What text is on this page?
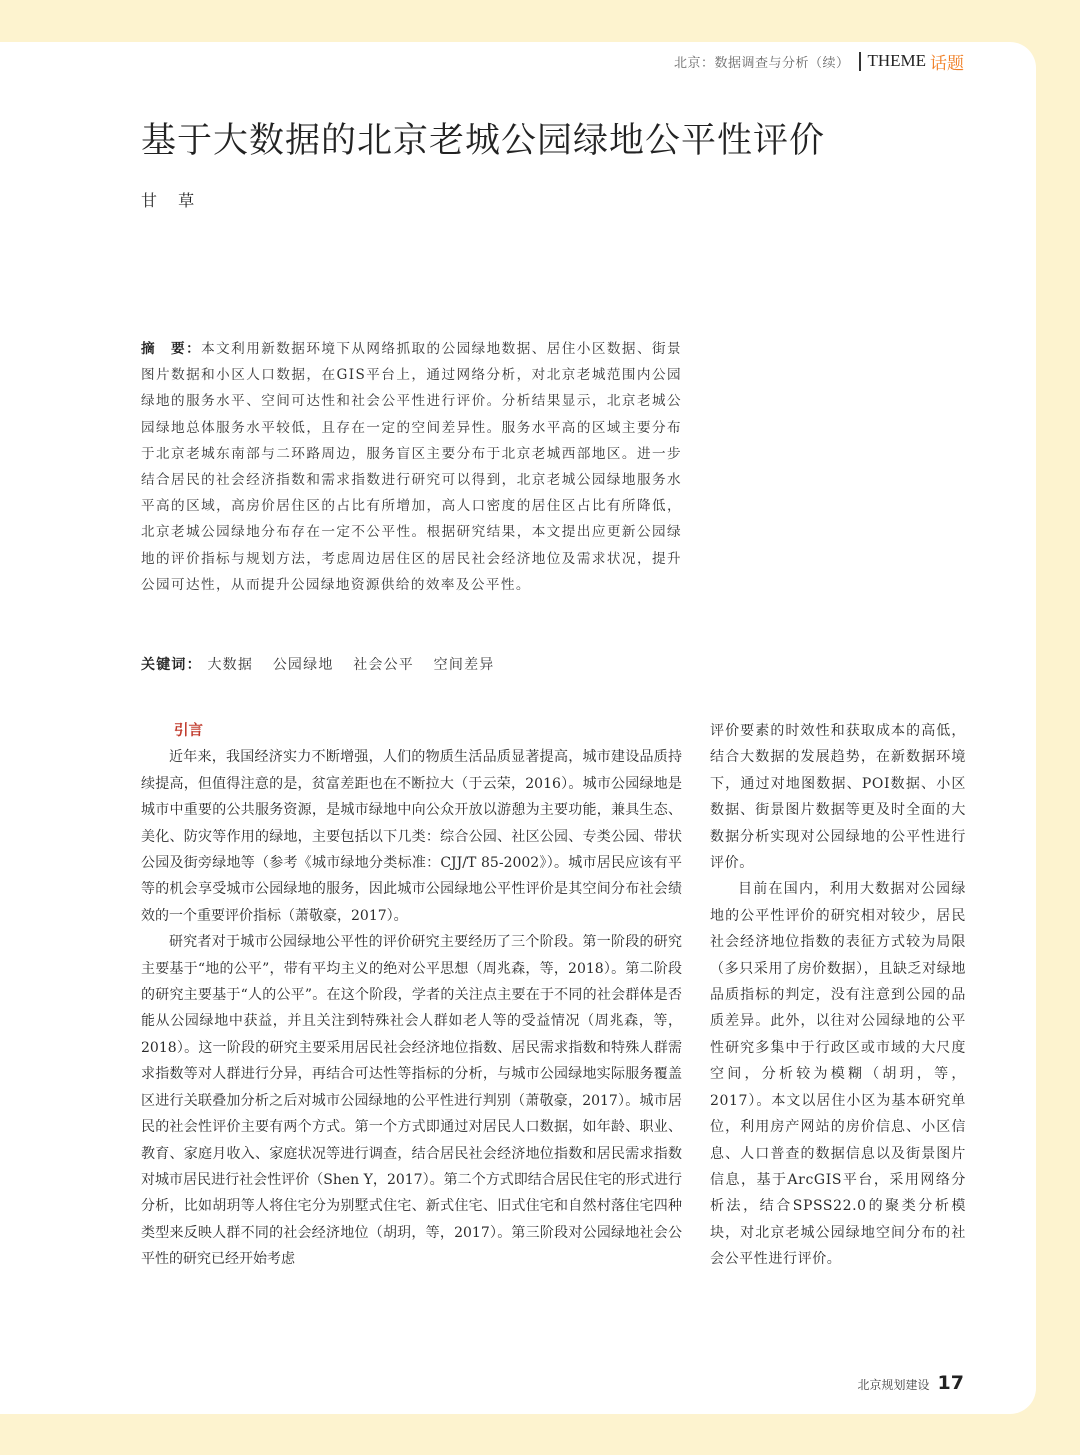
北京：数据调查与分析（续） THEME 话题
基于大数据的北京老城公园绿地公平性评价
甘 草
摘　要：本文利用新数据环境下从网络抓取的公园绿地数据、居住小区数据、街景图片数据和小区人口数据，在GIS平台上，通过网络分析，对北京老城范围内公园绿地的服务水平、空间可达性和社会公平性进行评价。分析结果显示，北京老城公园绿地总体服务水平较低，且存在一定的空间差异性。服务水平高的区域主要分布于北京老城东南部与二环路周边，服务盲区主要分布于北京老城西部地区。进一步结合居民的社会经济指数和需求指数进行研究可以得到，北京老城公园绿地服务水平高的区域，高房价居住区的占比有所增加，高人口密度的居住区占比有所降低，北京老城公园绿地分布存在一定不公平性。根据研究结果，本文提出应更新公园绿地的评价指标与规划方法，考虑周边居住区的居民社会经济地位及需求状况，提升公园可达性，从而提升公园绿地资源供给的效率及公平性。
关键词： 大数据 公园绿地 社会公平 空间差异
引言

近年来，我国经济实力不断增强，人们的物质生活品质显著提高，城市建设品质持续提高，但值得注意的是，贫富差距也在不断拉大（于云荣，2016）。城市公园绿地是城市中重要的公共服务资源，是城市绿地中向公众开放以游憩为主要功能，兼具生态、美化、防灾等作用的绿地，主要包括以下几类：综合公园、社区公园、专类公园、带状公园及街旁绿地等（参考《城市绿地分类标准：CJJ/T 85-2002》）。城市居民应该有平等的机会享受城市公园绿地的服务，因此城市公园绿地公平性评价是其空间分布社会绩效的一个重要评价指标（萧敬豪，2017）。

研究者对于城市公园绿地公平性的评价研究主要经历了三个阶段。第一阶段的研究主要基于“地的公平”，带有平均主义的绝对公平思想（周兆森，等，2018）。第二阶段的研究主要基于“人的公平”。在这个阶段，学者的关注点主要在于不同的社会群体是否能从公园绿地中获益，并且关注到特殊社会人群如老人等的受益情况（周兆森，等，2018）。这一阶段的研究主要采用居民社会经济地位指数、居民需求指数和特殊人群需求指数等对人群进行分异，再结合可达性等指标的分析，与城市公园绿地实际服务覆盖区进行关联叠加分析之后对城市公园绿地的公平性进行判别（萧敬豪，2017）。城市居民的社会性评价主要有两个方式。第一个方式即通过对居民人口数据，如年龄、职业、教育、家庭月收入、家庭状况等进行调查，结合居民社会经济地位指数和居民需求指数对城市居民进行社会性评价（Shen Y，2017）。第二个方式即结合居民住宅的形式进行分析，比如胡玥等人将住宅分为别墅式住宅、新式住宅、旧式住宅和自然村落住宅四种类型来反映人群不同的社会经济地位（胡玥，等，2017）。第三阶段对公园绿地社会公平性的研究已经开始考虑

评价要素的时效性和获取成本的高低，结合大数据的发展趋势，在新数据环境下，通过对地图数据、POI数据、小区数据、街景图片数据等更及时全面的大数据分析实现对公园绿地的公平性进行评价。

目前在国内，利用大数据对公园绿地的公平性评价的研究相对较少，居民社会经济地位指数的表征方式较为局限（多只采用了房价数据），且缺乏对绿地品质指标的判定，没有注意到公园的品质差异。此外，以往对公园绿地的公平性研究多集中于行政区或市域的大尺度空间，分析较为模糊（胡玥，等，2017）。本文以居住小区为基本研究单位，利用房产网站的房价信息、小区信息、人口普查的数据信息以及街景图片信息，基于ArcGIS平台，采用网络分析法，结合SPSS22.0的聚类分析模块，对北京老城公园绿地空间分布的社会公平性进行评价。

北京规划建设 17
